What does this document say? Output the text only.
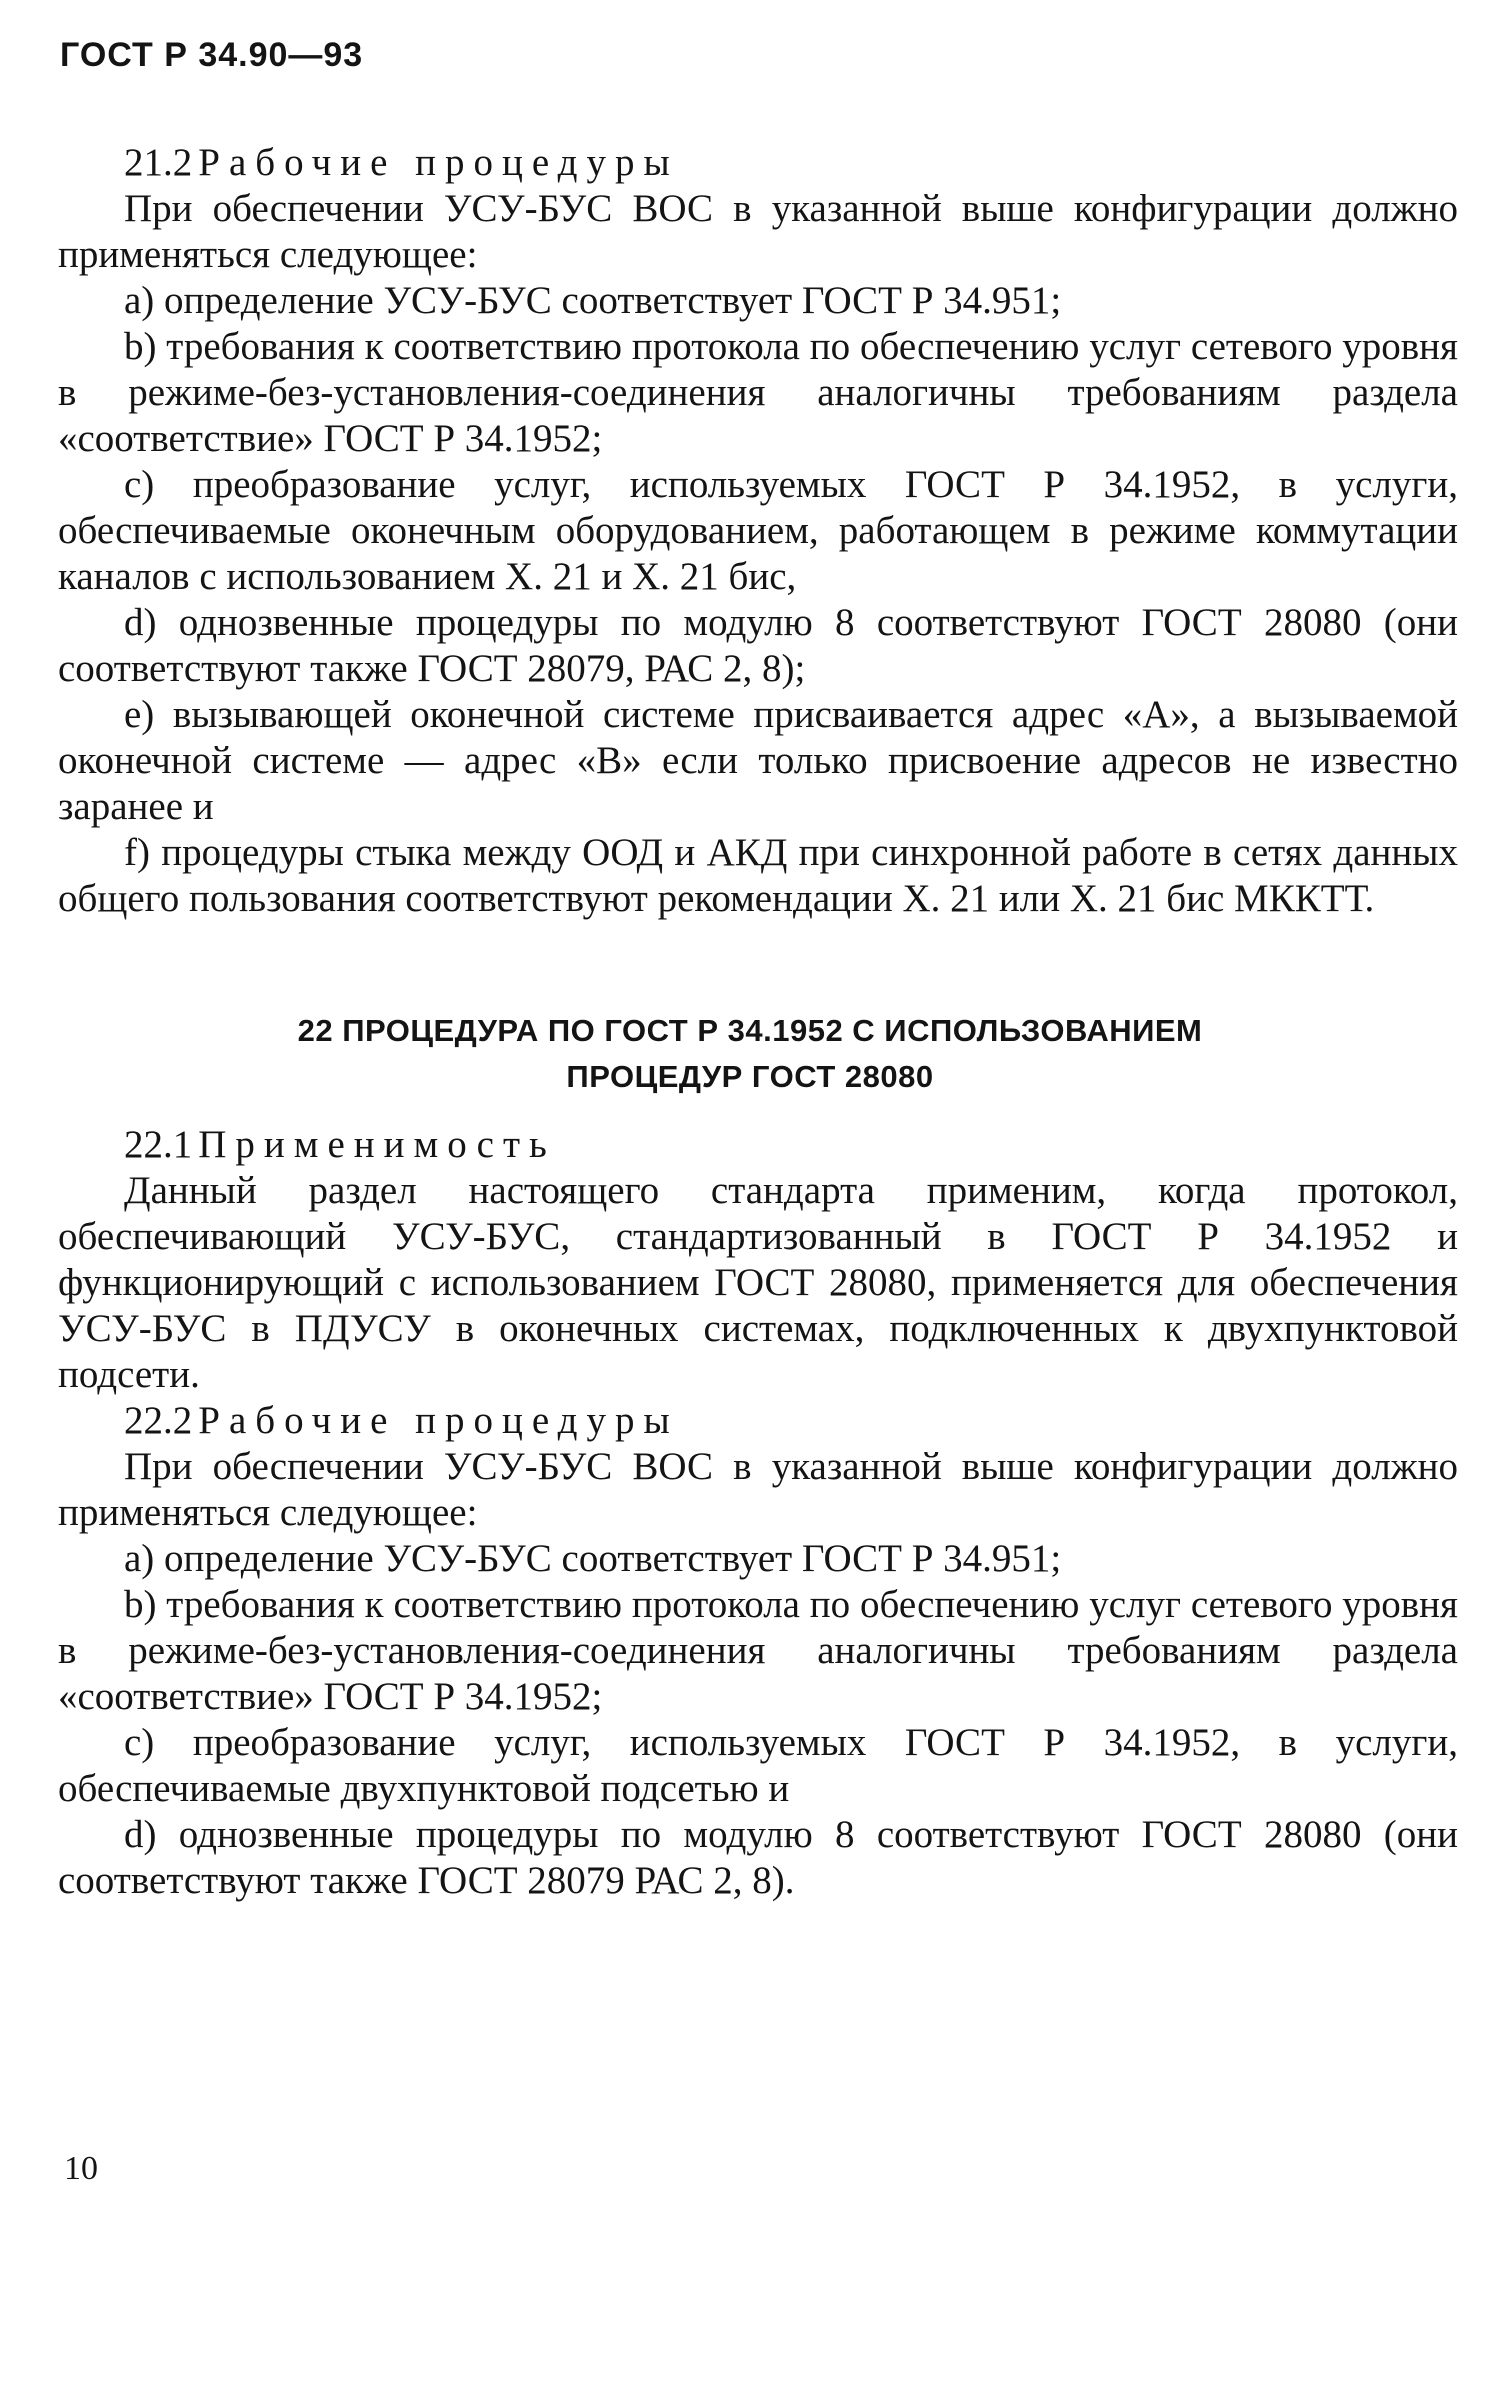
ГОСТ Р 34.90—93

21.2 Рабочие процедуры

При обеспечении УСУ-БУС ВОС в указанной выше конфигурации должно применяться следующее:

а) определение УСУ-БУС соответствует ГОСТ Р 34.951;

b) требования к соответствию протокола по обеспечению услуг сетевого уровня в режиме-без-установления-соединения аналогичны требованиям раздела «соответствие» ГОСТ Р 34.1952;

c) преобразование услуг, используемых ГОСТ Р 34.1952, в услуги, обеспечиваемые оконечным оборудованием, работающем в режиме коммутации каналов с использованием Х. 21 и Х. 21 бис,

d) однозвенные процедуры по модулю 8 соответствуют ГОСТ 28080 (они соответствуют также ГОСТ 28079, РАС 2, 8);

e) вызывающей оконечной системе присваивается адрес «А», а вызываемой оконечной системе — адрес «В» если только присвоение адресов не известно заранее и

f) процедуры стыка между ООД и АКД при синхронной работе в сетях данных общего пользования соответствуют рекомендации Х. 21 или Х. 21 бис МККТТ.

22 ПРОЦЕДУРА ПО ГОСТ Р 34.1952 С ИСПОЛЬЗОВАНИЕМ
ПРОЦЕДУР ГОСТ 28080

22.1 Применимость

Данный раздел настоящего стандарта применим, когда протокол, обеспечивающий УСУ-БУС, стандартизованный в ГОСТ Р 34.1952 и функционирующий с использованием ГОСТ 28080, применяется для обеспечения УСУ-БУС в ПДУСУ в оконечных системах, подключенных к двухпунктовой подсети.

22.2 Рабочие процедуры

При обеспечении УСУ-БУС ВОС в указанной выше конфигурации должно применяться следующее:

а) определение УСУ-БУС соответствует ГОСТ Р 34.951;

b) требования к соответствию протокола по обеспечению услуг сетевого уровня в режиме-без-установления-соединения аналогичны требованиям раздела «соответствие» ГОСТ Р 34.1952;

c) преобразование услуг, используемых ГОСТ Р 34.1952, в услуги, обеспечиваемые двухпунктовой подсетью и

d) однозвенные процедуры по модулю 8 соответствуют ГОСТ 28080 (они соответствуют также ГОСТ 28079 РАС 2, 8).

10
